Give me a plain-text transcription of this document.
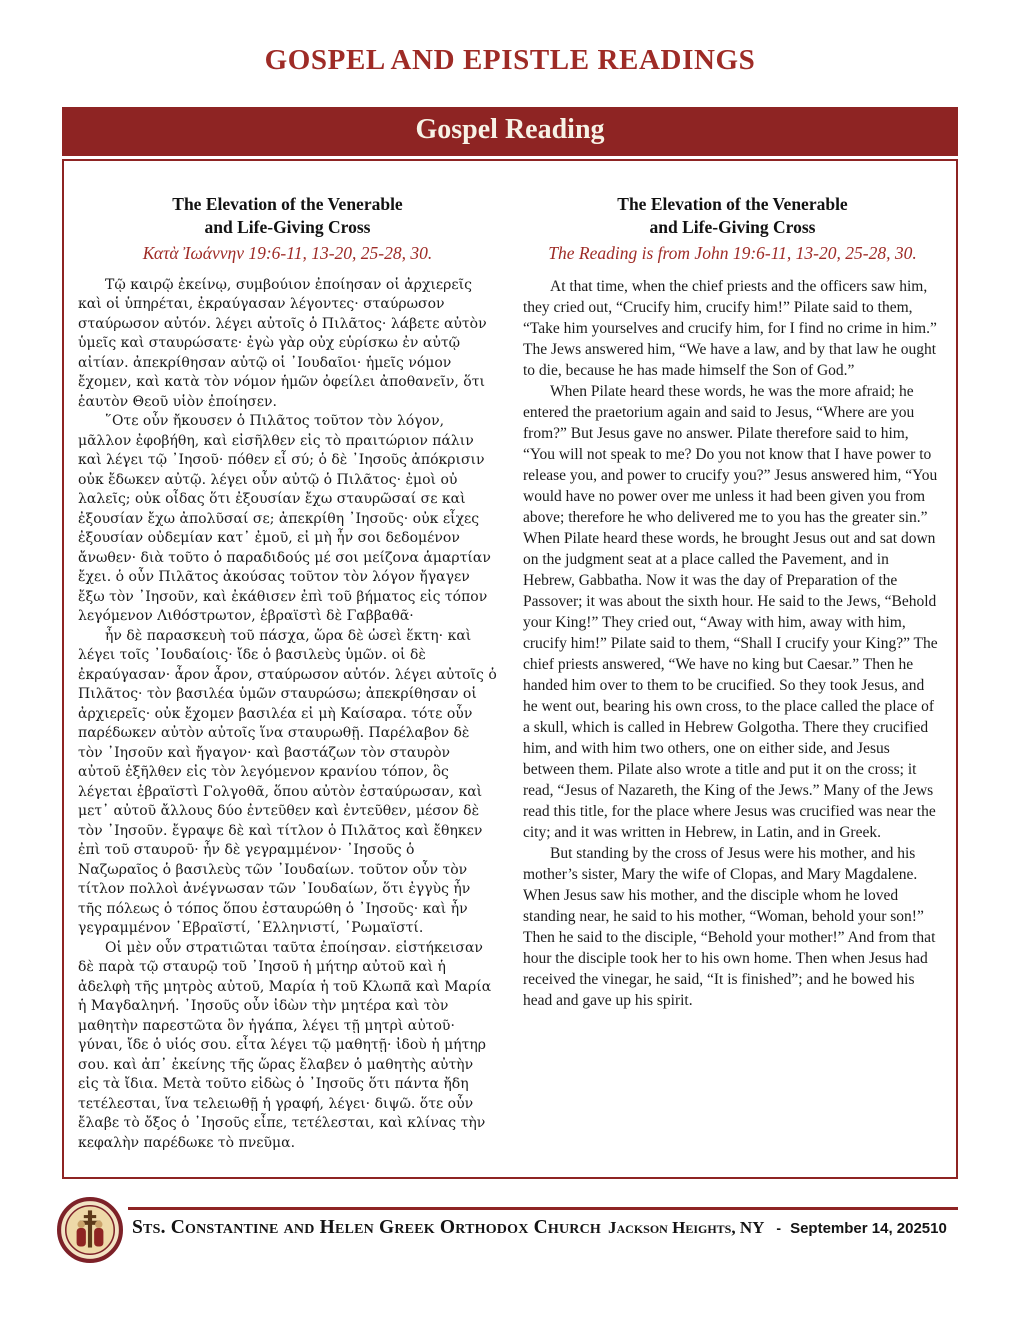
GOSPEL AND EPISTLE READINGS
Gospel Reading
The Elevation of the Venerable
and Life-Giving Cross
Κατὰ Ἰωάννην 19:6-11, 13-20, 25-28, 30.

Τῷ καιρῷ ἐκείνῳ, συμβούιον ἐποίησαν οἱ ἀρχιερεῖς καὶ οἱ ὑπηρέται, ἐκραύγασαν λέγοντες· σταύρωσον σταύρωσον αὐτόν. λέγει αὐτοῖς ὁ Πιλᾶτος· λάβετε αὐτὸν ὑμεῖς καὶ σταυρώσατε· ἐγὼ γὰρ οὐχ εὑρίσκω ἐν αὐτῷ αἰτίαν. ἀπεκρίθησαν αὐτῷ οἱ ᾿Ιουδαῖοι· ἡμεῖς νόμον ἔχομεν, καὶ κατὰ τὸν νόμον ἡμῶν ὀφείλει ἀποθανεῖν, ὅτι ἑαυτὸν Θεοῦ υἱὸν ἐποίησεν.

῞Οτε οὖν ἤκουσεν ὁ Πιλᾶτος τοῦτον τὸν λόγον, μᾶλλον ἐφοβήθη, καὶ εἰσῆλθεν εἰς τὸ πραιτώριον πάλιν καὶ λέγει τῷ ᾿Ιησοῦ· πόθεν εἶ σύ; ὁ δὲ ᾿Ιησοῦς ἀπόκρισιν οὐκ ἔδωκεν αὐτῷ. λέγει οὖν αὐτῷ ὁ Πιλᾶτος· ἐμοὶ οὐ λαλεῖς; οὐκ οἶδας ὅτι ἐξουσίαν ἔχω σταυρῶσαί σε καὶ ἐξουσίαν ἔχω ἀπολῦσαί σε; ἀπεκρίθη ᾿Ιησοῦς· οὐκ εἶχες ἐξουσίαν οὐδεμίαν κατ᾿ ἐμοῦ, εἰ μὴ ἦν σοι δεδομένον ἄνωθεν· διὰ τοῦτο ὁ παραδιδούς μέ σοι μείζονα ἁμαρτίαν ἔχει. ὁ οὖν Πιλᾶτος ἀκούσας τοῦτον τὸν λόγον ἤγαγεν ἔξω τὸν ᾿Ιησοῦν, καὶ ἐκάθισεν ἐπὶ τοῦ βήματος εἰς τόπον λεγόμενον Λιθόστρωτον, ἑβραϊστὶ δὲ Γαββαθᾶ·

ἦν δὲ παρασκευὴ τοῦ πάσχα, ὥρα δὲ ὡσεὶ ἕκτη· καὶ λέγει τοῖς ᾿Ιουδαίοις· ἴδε ὁ βασιλεὺς ὑμῶν. οἱ δὲ ἐκραύγασαν· ἆρον ἆρον, σταύρωσον αὐτόν. λέγει αὐτοῖς ὁ Πιλᾶτος· τὸν βασιλέα ὑμῶν σταυρώσω; ἀπεκρίθησαν οἱ ἀρχιερεῖς· οὐκ ἔχομεν βασιλέα εἰ μὴ Καίσαρα. τότε οὖν παρέδωκεν αὐτὸν αὐτοῖς ἵνα σταυρωθῇ. Παρέλαβον δὲ τὸν ᾿Ιησοῦν καὶ ἤγαγον· καὶ βαστάζων τὸν σταυρὸν αὐτοῦ ἐξῆλθεν εἰς τὸν λεγόμενον κρανίου τόπον, ὃς λέγεται ἑβραϊστὶ Γολγοθᾶ, ὅπου αὐτὸν ἐσταύρωσαν, καὶ μετ᾽ αὐτοῦ ἄλλους δύο ἐντεῦθεν καὶ ἐντεῦθεν, μέσον δὲ τὸν ᾿Ιησοῦν. ἔγραψε δὲ καὶ τίτλον ὁ Πιλᾶτος καὶ ἔθηκεν ἐπὶ τοῦ σταυροῦ· ἦν δὲ γεγραμμένον· ᾿Ιησοῦς ὁ Ναζωραῖος ὁ βασιλεὺς τῶν ᾿Ιουδαίων. τοῦτον οὖν τὸν τίτλον πολλοὶ ἀνέγνωσαν τῶν ᾿Ιουδαίων, ὅτι ἐγγὺς ἦν τῆς πόλεως ὁ τόπος ὅπου ἐσταυρώθη ὁ ᾿Ιησοῦς· καὶ ἦν γεγραμμένον ῾Εβραϊστί, ῾Ελληνιστί, ῾Ρωμαϊστί.

Οἱ μὲν οὖν στρατιῶται ταῦτα ἐποίησαν. εἱστήκεισαν δὲ παρὰ τῷ σταυρῷ τοῦ ᾿Ιησοῦ ἡ μήτηρ αὐτοῦ καὶ ἡ ἀδελφὴ τῆς μητρὸς αὐτοῦ, Μαρία ἡ τοῦ Κλωπᾶ καὶ Μαρία ἡ Μαγδαληνή. ᾿Ιησοῦς οὖν ἰδὼν τὴν μητέρα καὶ τὸν μαθητὴν παρεστῶτα ὃν ἠγάπα, λέγει τῇ μητρὶ αὐτοῦ· γύναι, ἴδε ὁ υἱός σου. εἶτα λέγει τῷ μαθητῇ· ἰδοὺ ἡ μήτηρ σου. καὶ ἀπ᾽ ἐκείνης τῆς ὥρας ἔλαβεν ὁ μαθητὴς αὐτὴν εἰς τὰ ἴδια. Μετὰ τοῦτο εἰδὼς ὁ ᾿Ιησοῦς ὅτι πάντα ἤδη τετέλεσται, ἵνα τελειωθῇ ἡ γραφή, λέγει· διψῶ. ὅτε οὖν ἔλαβε τὸ ὄξος ὁ ᾿Ιησοῦς εἶπε, τετέλεσται, καὶ κλίνας τὴν κεφαλὴν παρέδωκε τὸ πνεῦμα.

The Elevation of the Venerable
and Life-Giving Cross
The Reading is from John 19:6-11, 13-20, 25-28, 30.

At that time, when the chief priests and the officers saw him, they cried out, “Crucify him, crucify him!” Pilate said to them, “Take him yourselves and crucify him, for I find no crime in him.” The Jews answered him, “We have a law, and by that law he ought to die, because he has made himself the Son of God.”

When Pilate heard these words, he was the more afraid; he entered the praetorium again and said to Jesus, “Where are you from?” But Jesus gave no answer. Pilate therefore said to him, “You will not speak to me? Do you not know that I have power to release you, and power to crucify you?” Jesus answered him, “You would have no power over me unless it had been given you from above; therefore he who delivered me to you has the greater sin.” When Pilate heard these words, he brought Jesus out and sat down on the judgment seat at a place called the Pavement, and in Hebrew, Gabbatha. Now it was the day of Preparation of the Passover; it was about the sixth hour. He said to the Jews, “Behold your King!” They cried out, “Away with him, away with him, crucify him!” Pilate said to them, “Shall I crucify your King?” The chief priests answered, “We have no king but Caesar.” Then he handed him over to them to be crucified. So they took Jesus, and he went out, bearing his own cross, to the place called the place of a skull, which is called in Hebrew Golgotha. There they crucified him, and with him two others, one on either side, and Jesus between them. Pilate also wrote a title and put it on the cross; it read, “Jesus of Nazareth, the King of the Jews.” Many of the Jews read this title, for the place where Jesus was crucified was near the city; and it was written in Hebrew, in Latin, and in Greek.

But standing by the cross of Jesus were his mother, and his mother’s sister, Mary the wife of Clopas, and Mary Magdalene. When Jesus saw his mother, and the disciple whom he loved standing near, he said to his mother, “Woman, behold your son!” Then he said to the disciple, “Behold your mother!” And from that hour the disciple took her to his own home. Then when Jesus had received the vinegar, he said, “It is finished”; and he bowed his head and gave up his spirit.

Sts. Constantine and Helen Greek Orthodox Church Jackson Heights, NY - September 14, 2025 10
